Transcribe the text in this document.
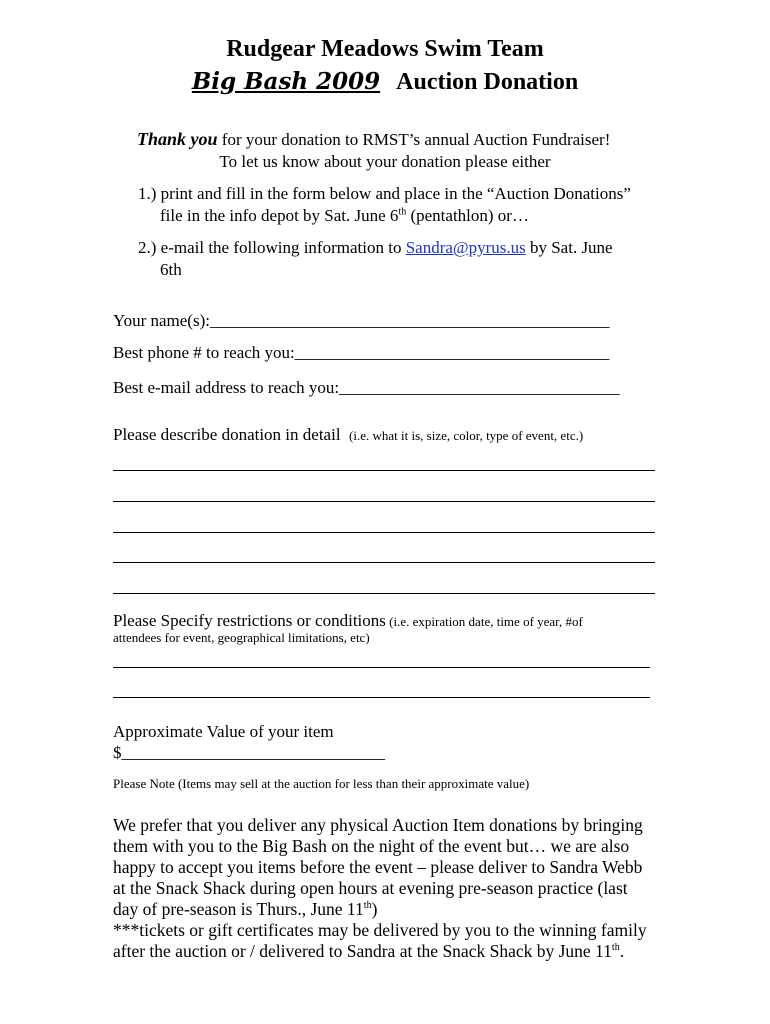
Rudgear Meadows Swim Team
Big Bash 2009 Auction Donation
Thank you for your donation to RMST’s annual Auction Fundraiser!
To let us know about your donation please either
1.) print and fill in the form below and place in the “Auction Donations”
file in the info depot by Sat. June 6th (pentathlon) or…
2.) e-mail the following information to Sandra@pyrus.us by Sat. June
6th
Your name(s):_______________________________________________
Best phone # to reach you:_____________________________________
Best e-mail address to reach you:_________________________________
Please describe donation in detail (i.e. what it is, size, color, type of event, etc.)
Please Specify restrictions or conditions (i.e. expiration date, time of year, #of
attendees for event, geographical limitations, etc)
Approximate Value of your item
$_______________________________
Please Note (Items may sell at the auction for less than their approximate value)
We prefer that you deliver any physical Auction Item donations by bringing
them with you to the Big Bash on the night of the event but… we are also
happy to accept you items before the event – please deliver to Sandra Webb
at the Snack Shack during open hours at evening pre-season practice (last
day of pre-season is Thurs., June 11th)
***tickets or gift certificates may be delivered by you to the winning family
after the auction or / delivered to Sandra at the Snack Shack by June 11th.
